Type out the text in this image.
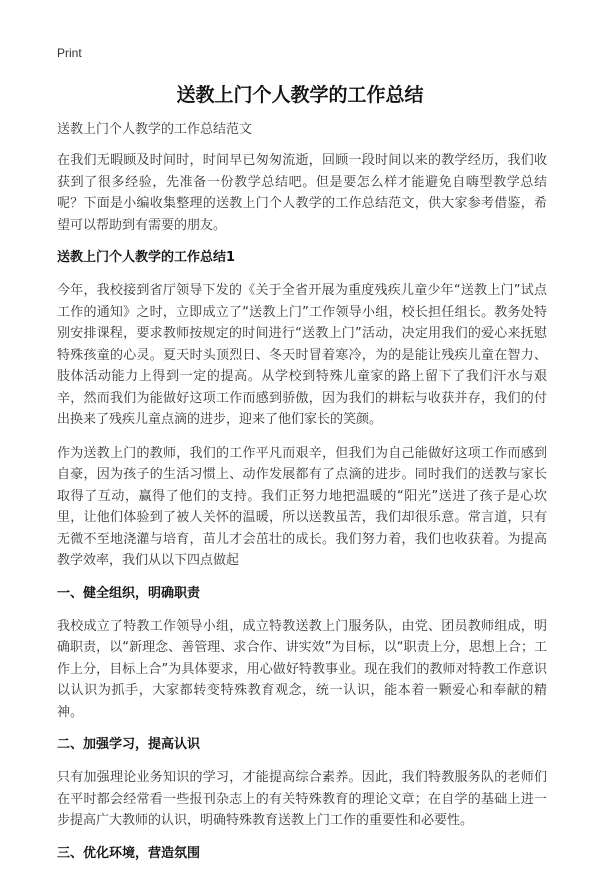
Print
送教上门个人教学的工作总结
送教上门个人教学的工作总结范文

在我们无暇顾及时间时，时间早已匆匆流逝，回顾一段时间以来的教学经历，我们收获到了很多经验，先准备一份教学总结吧。但是要怎么样才能避免自嗨型教学总结呢？下面是小编收集整理的送教上门个人教学的工作总结范文，供大家参考借鉴，希望可以帮助到有需要的朋友。

送教上门个人教学的工作总结1

今年，我校接到省厅领导下发的《关于全省开展为重度残疾儿童少年“送教上门”试点工作的通知》之时，立即成立了“送教上门”工作领导小组，校长担任组长。教务处特别安排课程，要求教师按规定的时间进行“送教上门”活动，决定用我们的爱心来抚慰特殊孩童的心灵。夏天时头顶烈日、冬天时冒着寒冷，为的是能让残疾儿童在智力、肢体活动能力上得到一定的提高。从学校到特殊儿童家的路上留下了我们汗水与艰辛，然而我们为能做好这项工作而感到骄傲，因为我们的耕耘与收获并存，我们的付出换来了残疾儿童点滴的进步，迎来了他们家长的笑颜。

作为送教上门的教师，我们的工作平凡而艰辛，但我们为自己能做好这项工作而感到自豪，因为孩子的生活习惯上、动作发展都有了点滴的进步。同时我们的送教与家长取得了互动，赢得了他们的支持。我们正努力地把温暖的“阳光”送进了孩子是心坎里，让他们体验到了被人关怀的温暖，所以送教虽苦，我们却很乐意。常言道，只有无微不至地浇灌与培育，苗儿才会茁壮的成长。我们努力着，我们也收获着。为提高教学效率，我们从以下四点做起

一、健全组织，明确职责

我校成立了特教工作领导小组，成立特教送教上门服务队，由党、团员教师组成，明确职责，以“新理念、善管理、求合作、讲实效”为目标，以“职责上分，思想上合；工作上分，目标上合”为具体要求，用心做好特教事业。现在我们的教师对特教工作意识以认识为抓手，大家都转变特殊教育观念，统一认识，能本着一颗爱心和奉献的精神。

二、加强学习，提高认识

只有加强理论业务知识的学习，才能提高综合素养。因此，我们特教服务队的老师们在平时都会经常看一些报刊杂志上的有关特殊教育的理论文章；在自学的基础上进一步提高广大教师的认识，明确特殊教育送教上门工作的重要性和必要性。

三、优化环境，营造氛围
